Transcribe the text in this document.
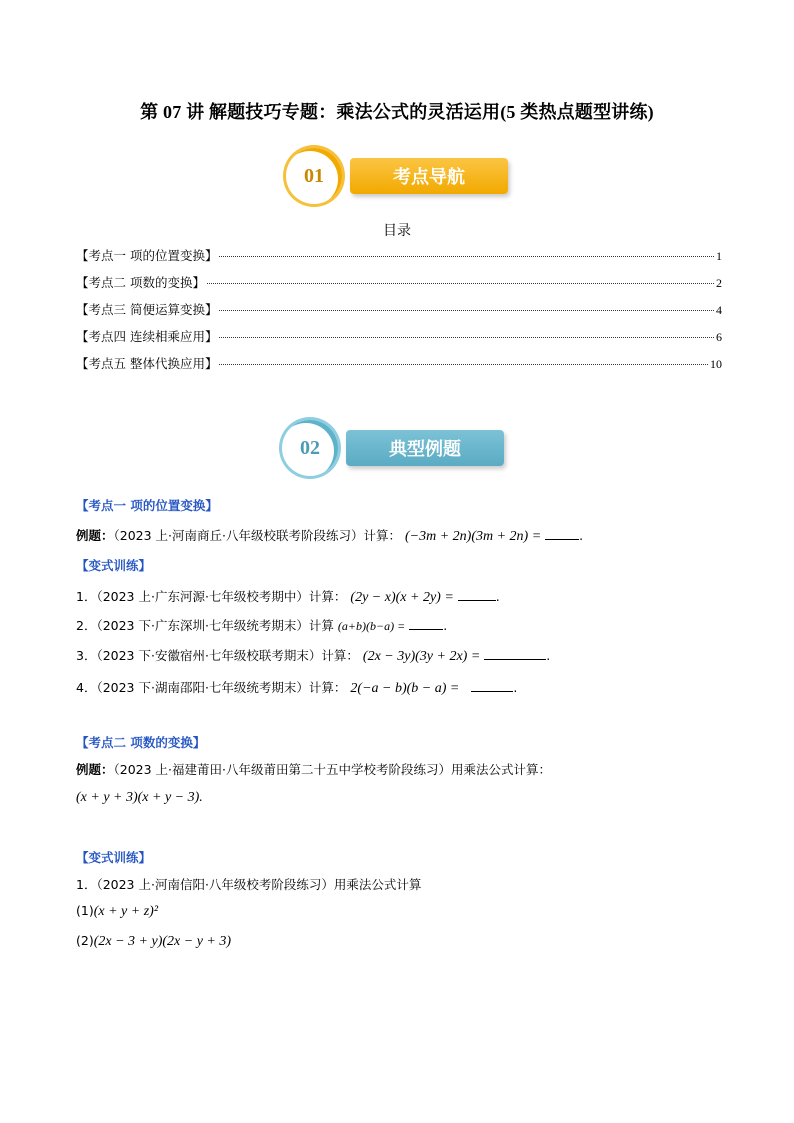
第 07 讲 解题技巧专题：乘法公式的灵活运用(5 类热点题型讲练)
01	考点导航
目录
【考点一 项的位置变换】	1
【考点二 项数的变换】	2
【考点三 简便运算变换】	4
【考点四 连续相乘应用】	6
【考点五 整体代换应用】	10
02	典型例题
【考点一 项的位置变换】
例题：（2023 上·河南商丘·八年级校联考阶段练习）计算： (−3m + 2n)(3m + 2n) =	.
【变式训练】
1．（2023 上·广东河源·七年级校考期中）计算： (2y − x)(x + 2y) =	.
2．（2023 下·广东深圳·七年级统考期末）计算 (a+b)(b−a) =	.
3．（2023 下·安徽宿州·七年级校联考期末）计算： (2x − 3y)(3y + 2x) =	.
4．（2023 下·湖南邵阳·七年级统考期末）计算： 2(−a − b)(b − a) =	.
【考点二 项数的变换】
例题：（2023 上·福建莆田·八年级莆田第二十五中学校考阶段练习）用乘法公式计算：
(x + y + 3)(x + y − 3).
【变式训练】
1．（2023 上·河南信阳·八年级校考阶段练习）用乘法公式计算
(1)(x + y + z)²
(2)(2x − 3 + y)(2x − y + 3)
